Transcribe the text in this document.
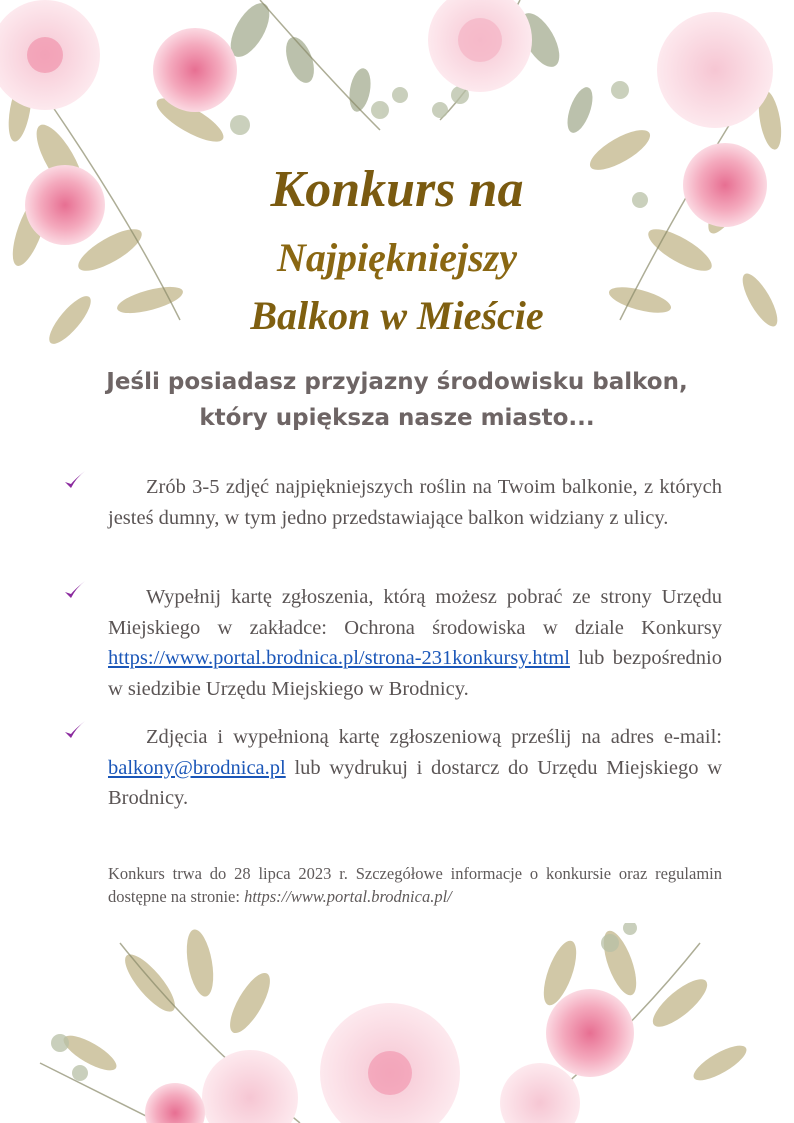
Konkurs na
Najpiękniejszy
Balkon w Mieście
Jeśli posiadasz przyjazny środowisku balkon,
który upiększa nasze miasto...
Zrób 3-5 zdjęć najpiękniejszych roślin na Twoim balkonie, z których jesteś dumny, w tym jedno przedstawiające balkon widziany z ulicy.
Wypełnij kartę zgłoszenia, którą możesz pobrać ze strony Urzędu Miejskiego w zakładce: Ochrona środowiska w dziale Konkursy https://www.portal.brodnica.pl/strona-231konkursy.html lub bezpośrednio w siedzibie Urzędu Miejskiego w Brodnicy.
Zdjęcia i wypełnioną kartę zgłoszeniową prześlij na adres e-mail: balkony@brodnica.pl lub wydrukuj i dostarcz do Urzędu Miejskiego w Brodnicy.
Konkurs trwa do 28 lipca 2023 r. Szczegółowe informacje o konkursie oraz regulamin dostępne na stronie: https://www.portal.brodnica.pl/
